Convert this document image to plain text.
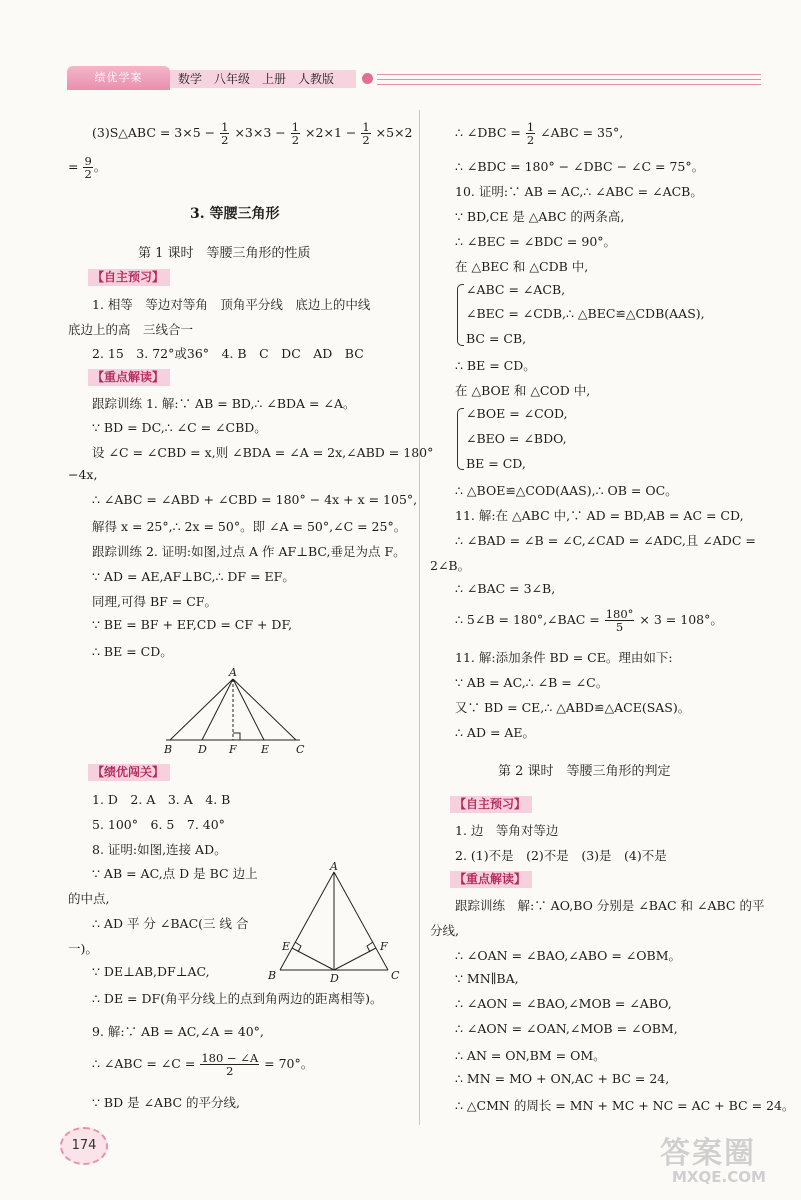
绩优学案	数学　八年级　上册　人教版
(3)S△ABC = $3\times 5 - \frac{1}{2} \times 3\times 3 - \frac{1}{2} \times 2\times 1 - \frac{1}{2} \times 5\times 2$
= $\frac{9}{2}$ 。
3. 等腰三角形
第 1 课时　等腰三角形的性质
【自主预习】
1. 相等　等边对等角　顶角平分线　底边上的中线
底边上的高　三线合一
2. 15　3. 72°或36°　4. B　C　DC　AD　BC
【重点解读】
跟踪训练 1. 解:∵ AB = BD,∴ ∠BDA = ∠A。
∵ BD = DC,∴ ∠C = ∠CBD。
设 ∠C = ∠CBD = x,则 ∠BDA = ∠A = 2x,∠ABD = 180°
−4x,
∴ ∠ABC = ∠ABD + ∠CBD = 180° − 4x + x = 105°,
解得 x = 25°,∴ 2x = 50°。即 ∠A = 50°,∠C = 25°。
跟踪训练 2. 证明:如图,过点 A 作 AF⊥BC,垂足为点 F。
∵ AD = AE,AF⊥BC,∴ DF = EF。
同理,可得 BF = CF。
∵ BE = BF + EF,CD = CF + DF,
∴ BE = CD。
A
B D F E C
【绩优闯关】
1. D　2. A　3. A　4. B
5. 100°　6. 5　7. 40°
8. 证明:如图,连接 AD。
∵ AB = AC,点 D 是 BC 边上
的中点,
∴ AD 平 分 ∠BAC(三 线 合
一)。
∵ DE⊥AB,DF⊥AC,
∴ DE = DF(角平分线上的点到角两边的距离相等)。
9. 解:∵ AB = AC,∠A = 40°,
∴ ∠ABC = ∠C = $\frac{180 - \angle A}{2} = 70^\circ$。
∵ BD 是 ∠ABC 的平分线,
A
B	C
D
E	F
∴ ∠DBC = $\frac{1}{2}$ ∠ABC = 35°,
∴ ∠BDC = 180° − ∠DBC − ∠C = 75°。
10. 证明:∵ AB = AC,∴ ∠ABC = ∠ACB。
∵ BD,CE 是 △ABC 的两条高,
∴ ∠BEC = ∠BDC = 90°。
在 △BEC 和 △CDB 中,
∠ABC = ∠ACB,
∠BEC = ∠CDB,∴ △BEC≌△CDB(AAS),
BC = CB,
∴ BE = CD。
在 △BOE 和 △COD 中,
∠BOE = ∠COD,
∠BEO = ∠BDO,
BE = CD,
∴ △BOE≌△COD(AAS),∴ OB = OC。
11. 解:在 △ABC 中,∵ AD = BD,AB = AC = CD,
∴ ∠BAD = ∠B = ∠C,∠CAD = ∠ADC,且 ∠ADC =
2∠B。
∴ ∠BAC = 3∠B,
∴ 5∠B = 180°,∠BAC = $\frac{180^\circ}{5} \times 3 = 108^\circ$。
11. 解:添加条件 BD = CE。理由如下:
∵ AB = AC,∴ ∠B = ∠C。
又∵ BD = CE,∴ △ABD≌△ACE(SAS)。
∴ AD = AE。
第 2 课时　等腰三角形的判定
【自主预习】
1. 边　等角对等边
2. (1)不是　(2)不是　(3)是　(4)不是
【重点解读】
跟踪训练　解:∵ AO,BO 分别是 ∠BAC 和 ∠ABC 的平
分线,
∴ ∠OAN = ∠BAO,∠ABO = ∠OBM。
∵ MN∥BA,
∴ ∠AON = ∠BAO,∠MOB = ∠ABO,
∴ ∠AON = ∠OAN,∠MOB = ∠OBM,
∴ AN = ON,BM = OM。
∴ MN = MO + ON,AC + BC = 24,
∴ △CMN 的周长 = MN + MC + NC = AC + BC = 24。
174	答案圈
MXQE.COM
